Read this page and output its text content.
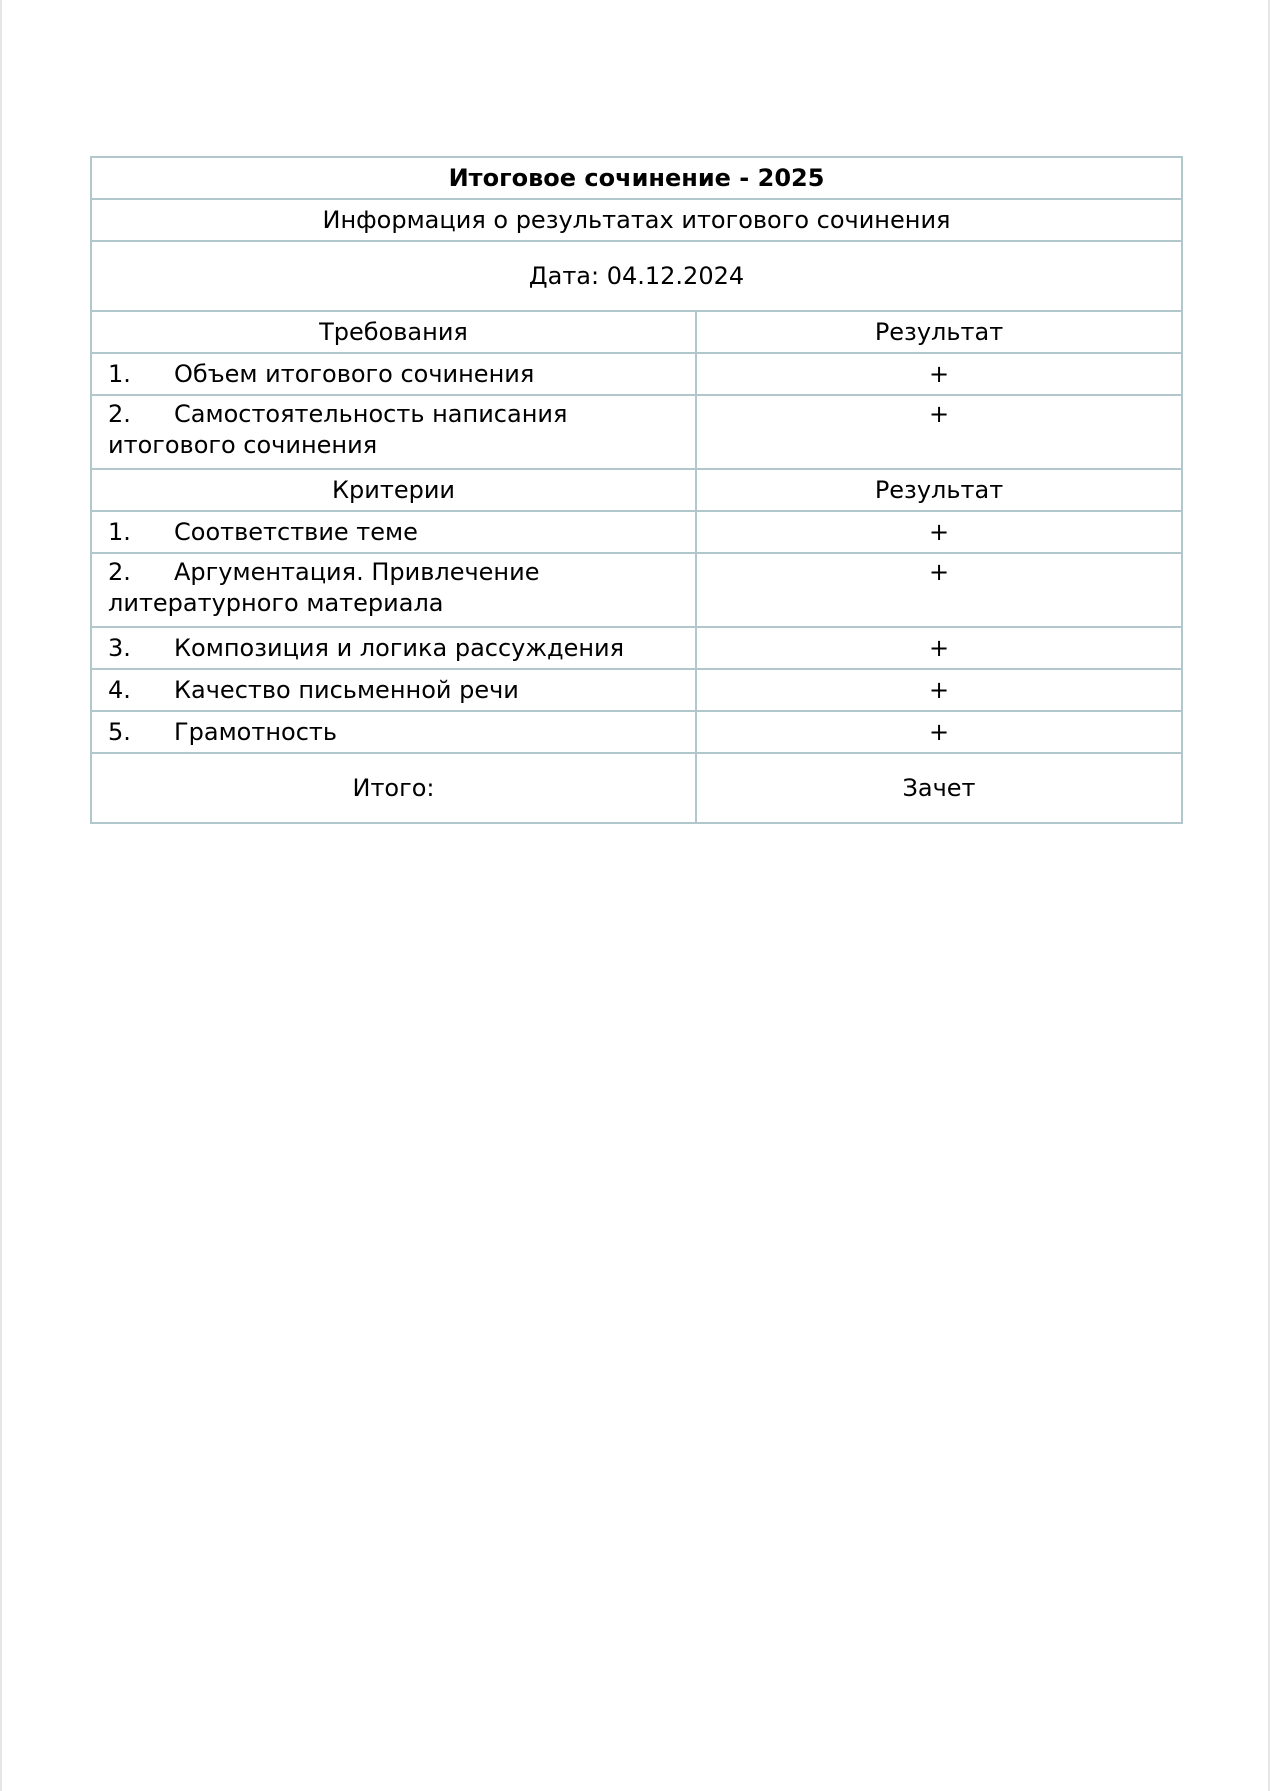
Итоговое сочинение - 2025	
Информация о результатах итогового сочинения	
Дата: 04.12.2024	
Требования	Результат
1. Объем итогового сочинения	+
2. Самостоятельность написания итогового сочинения	+
Критерии	Результат
1. Соответствие теме	+
2. Аргументация. Привлечение литературного материала	+
3. Композиция и логика рассуждения	+
4. Качество письменной речи	+
5. Грамотность	+
Итого:	Зачет
